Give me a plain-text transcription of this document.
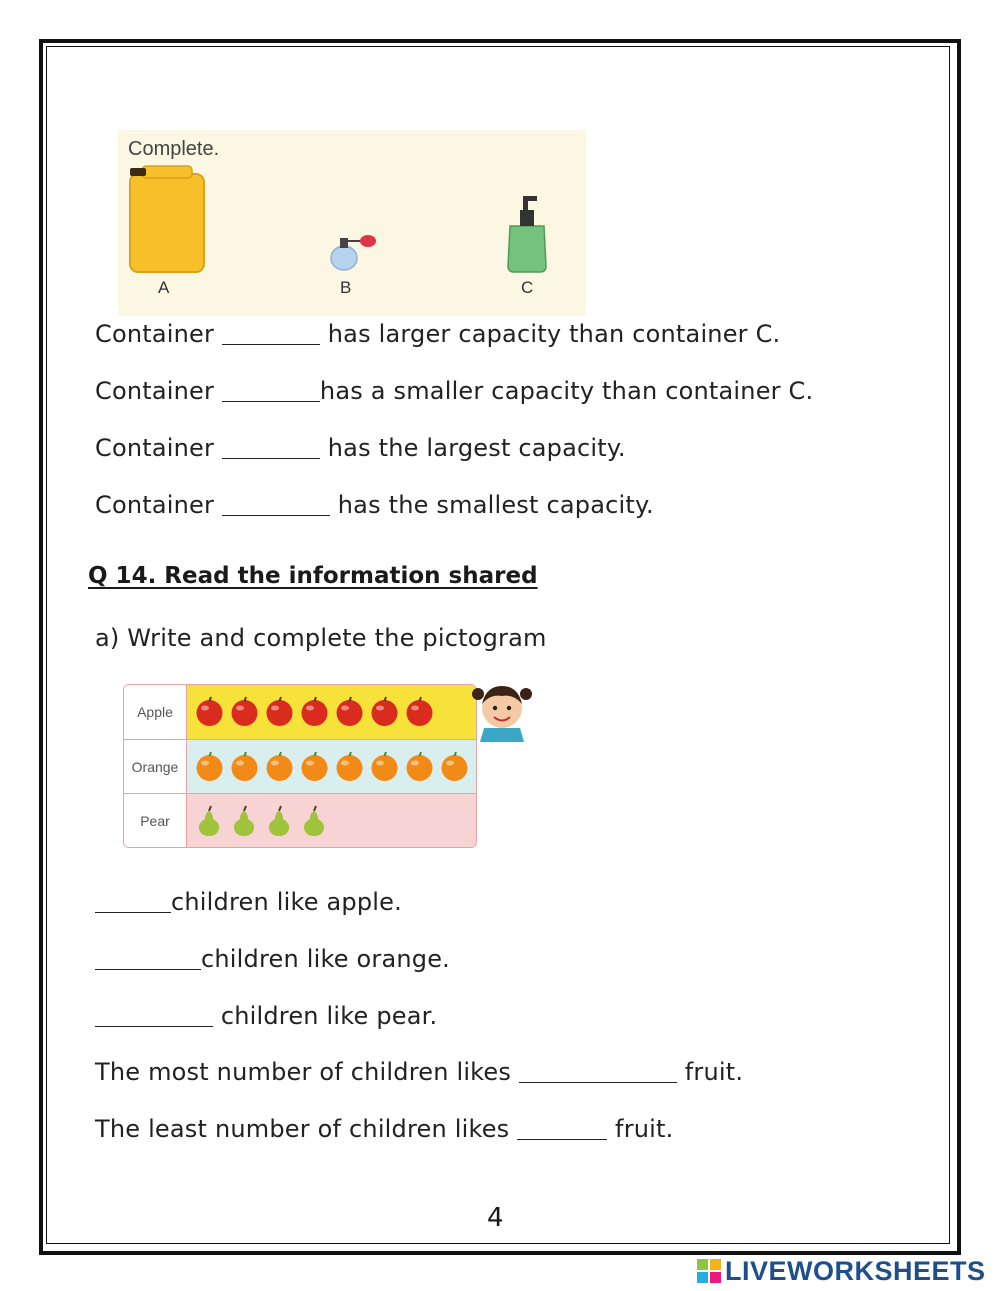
Complete.
A	B	C
Container	has larger capacity than container C.
Container	has a smaller capacity than container C.
Container	has the largest capacity.
Container	has the smallest capacity.
Q 14. Read the information shared
a) Write and complete the pictogram
Apple
Orange
Pear
children like apple.
children like orange.
children like pear.
The most number of children likes	fruit.
The least number of children likes	fruit.
4
LIVEWORKSHEETS
